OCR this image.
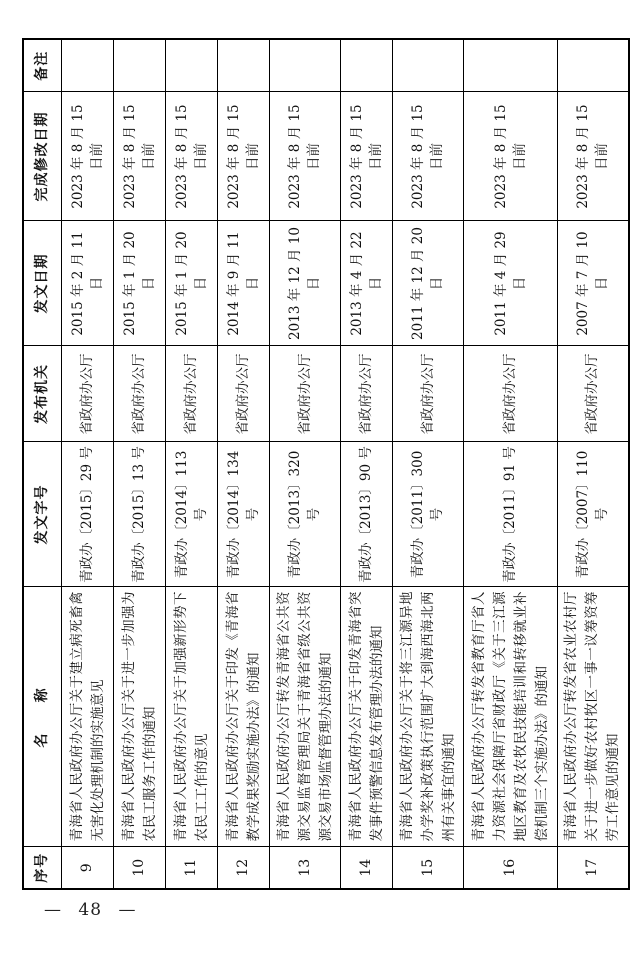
序号	名 称	发文字号	发布机关	发文日期	完成修改日期	备注
9	青海省人民政府办公厅关于建立病死畜禽无害化处理机制的实施意见	青政办〔2015〕29 号	省政府办公厅	2015 年 2 月 11 日	2023 年 8 月 15 日前	
10	青海省人民政府办公厅关于进一步加强为农民工服务工作的通知	青政办〔2015〕13 号	省政府办公厅	2015 年 1 月 20 日	2023 年 8 月 15 日前	
11	青海省人民政府办公厅关于加强新形势下农民工工作的意见	青政办〔2014〕113 号	省政府办公厅	2015 年 1 月 20 日	2023 年 8 月 15 日前	
12	青海省人民政府办公厅关于印发《青海省教学成果奖励实施办法》的通知	青政办〔2014〕134 号	省政府办公厅	2014 年 9 月 11 日	2023 年 8 月 15 日前	
13	青海省人民政府办公厅转发青海省公共资源交易监督管理局关于青海省省级公共资源交易市场监督管理办法的通知	青政办〔2013〕320 号	省政府办公厅	2013 年 12 月 10 日	2023 年 8 月 15 日前	
14	青海省人民政府办公厅关于印发青海省突发事件预警信息发布管理办法的通知	青政办〔2013〕90 号	省政府办公厅	2013 年 4 月 22 日	2023 年 8 月 15 日前	
15	青海省人民政府办公厅关于将三江源异地办学奖补政策执行范围扩大到海西海北两州有关事宜的通知	青政办〔2011〕300 号	省政府办公厅	2011 年 12 月 20 日	2023 年 8 月 15 日前	
16	青海省人民政府办公厅转发省教育厅省人力资源社会保障厅省财政厅《关于三江源地区教育及农牧民技能培训和转移就业补偿机制三个实施办法》的通知	青政办〔2011〕91 号	省政府办公厅	2011 年 4 月 29 日	2023 年 8 月 15 日前	
17	青海省人民政府办公厅转发省农业农村厅关于进一步做好农村牧区一事一议筹资筹劳工作意见的通知	青政办〔2007〕110 号	省政府办公厅	2007 年 7 月 10 日	2023 年 8 月 15 日前	
— 48 —
